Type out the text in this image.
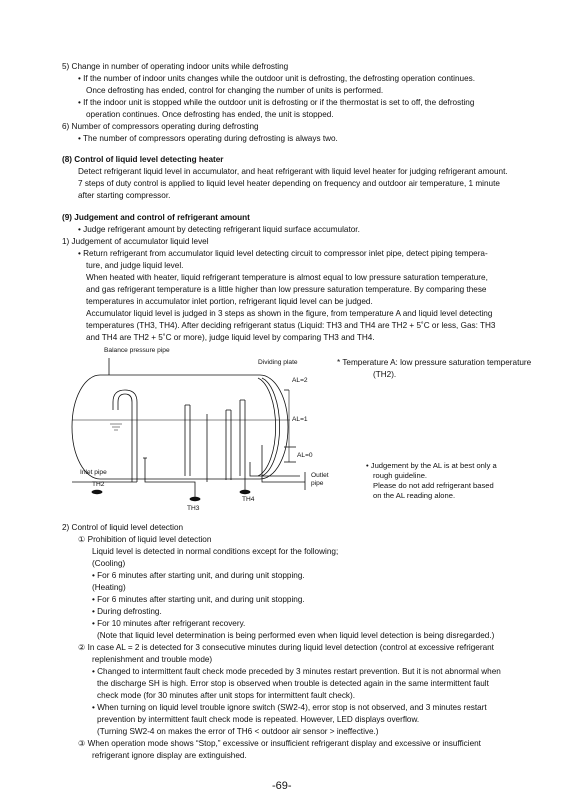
5) Change in number of operating indoor units while defrosting
• If the number of indoor units changes while the outdoor unit is defrosting, the defrosting operation continues.
Once defrosting has ended, control for changing the number of units is performed.
• If the indoor unit is stopped while the outdoor unit is defrosting or if the thermostat is set to off, the defrosting
operation continues. Once defrosting has ended, the unit is stopped.
6) Number of compressors operating during defrosting
• The number of compressors operating during defrosting is always two.
(8) Control of liquid level detecting heater
Detect refrigerant liquid level in accumulator, and heat refrigerant with liquid level heater for judging refrigerant amount.
7 steps of duty control is applied to liquid level heater depending on frequency and outdoor air temperature, 1 minute
after starting compressor.
(9) Judgement and control of refrigerant amount
• Judge refrigerant amount by detecting refrigerant liquid surface accumulator.
1) Judgement of accumulator liquid level
• Return refrigerant from accumulator liquid level detecting circuit to compressor inlet pipe, detect piping tempera-
ture, and judge liquid level.
When heated with heater, liquid refrigerant temperature is almost equal to low pressure saturation temperature,
and gas refrigerant temperature is a little higher than low pressure saturation temperature. By comparing these
temperatures in accumulator inlet portion, refrigerant liquid level can be judged.
Accumulator liquid level is judged in 3 steps as shown in the figure, from temperature A and liquid level detecting
temperatures (TH3, TH4). After deciding refrigerant status (Liquid: TH3 and TH4 are TH2 + 5˚C or less, Gas: TH3
and TH4 are TH2 + 5˚C or more), judge liquid level by comparing TH3 and TH4.
Balance pressure pipe
Dividing plate
AL=2
AL=1
AL=0
Inlet pipe
TH2
TH3
TH4
Outlet pipe
* Temperature A: low pressure saturation temperature
(TH2).
• Judgement by the AL is at best only a
rough guideline.
Please do not add refrigerant based
on the AL reading alone.
2) Control of liquid level detection
① Prohibition of liquid level detection
Liquid level is detected in normal conditions except for the following;
(Cooling)
• For 6 minutes after starting unit, and during unit stopping.
(Heating)
• For 6 minutes after starting unit, and during unit stopping.
• During defrosting.
• For 10 minutes after refrigerant recovery.
(Note that liquid level determination is being performed even when liquid level detection is being disregarded.)
② In case AL = 2 is detected for 3 consecutive minutes during liquid level detection (control at excessive refrigerant
replenishment and trouble mode)
• Changed to intermittent fault check mode preceded by 3 minutes restart prevention. But it is not abnormal when
the discharge SH is high. Error stop is observed when trouble is detected again in the same intermittent fault
check mode (for 30 minutes after unit stops for intermittent fault check).
• When turning on liquid level trouble ignore switch (SW2-4), error stop is not observed, and 3 minutes restart
prevention by intermittent fault check mode is repeated. However, LED displays overflow.
(Turning SW2-4 on makes the error of TH6 < outdoor air sensor > ineffective.)
③ When operation mode shows “Stop,” excessive or insufficient refrigerant display and excessive or insufficient
refrigerant ignore display are extinguished.
-69-
